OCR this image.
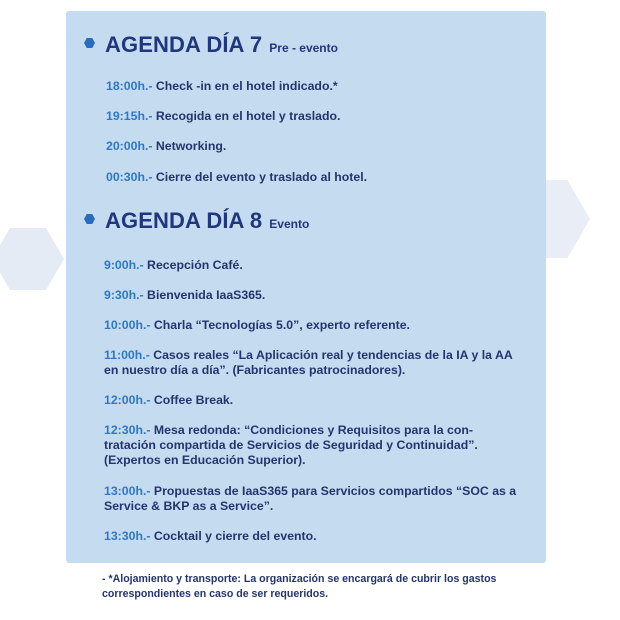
AGENDA DÍA 7 Pre - evento
18:00h.- Check -in en el hotel indicado.*
19:15h.- Recogida en el hotel y traslado.
20:00h.- Networking.
00:30h.- Cierre del evento y traslado al hotel.
AGENDA DÍA 8 Evento
9:00h.- Recepción Café.
9:30h.- Bienvenida IaaS365.
10:00h.- Charla “Tecnologías 5.0”, experto referente.
11:00h.- Casos reales “La Aplicación real y tendencias de la IA y la AA
en nuestro día a día”. (Fabricantes patrocinadores).
12:00h.- Coffee Break.
12:30h.- Mesa redonda: “Condiciones y Requisitos para la con-
tratación compartida de Servicios de Seguridad y Continuidad”.
(Expertos en Educación Superior).
13:00h.- Propuestas de IaaS365 para Servicios compartidos “SOC as a
Service & BKP as a Service”.
13:30h.- Cocktail y cierre del evento.
- *Alojamiento y transporte: La organización se encargará de cubrir los gastos
correspondientes en caso de ser requeridos.
